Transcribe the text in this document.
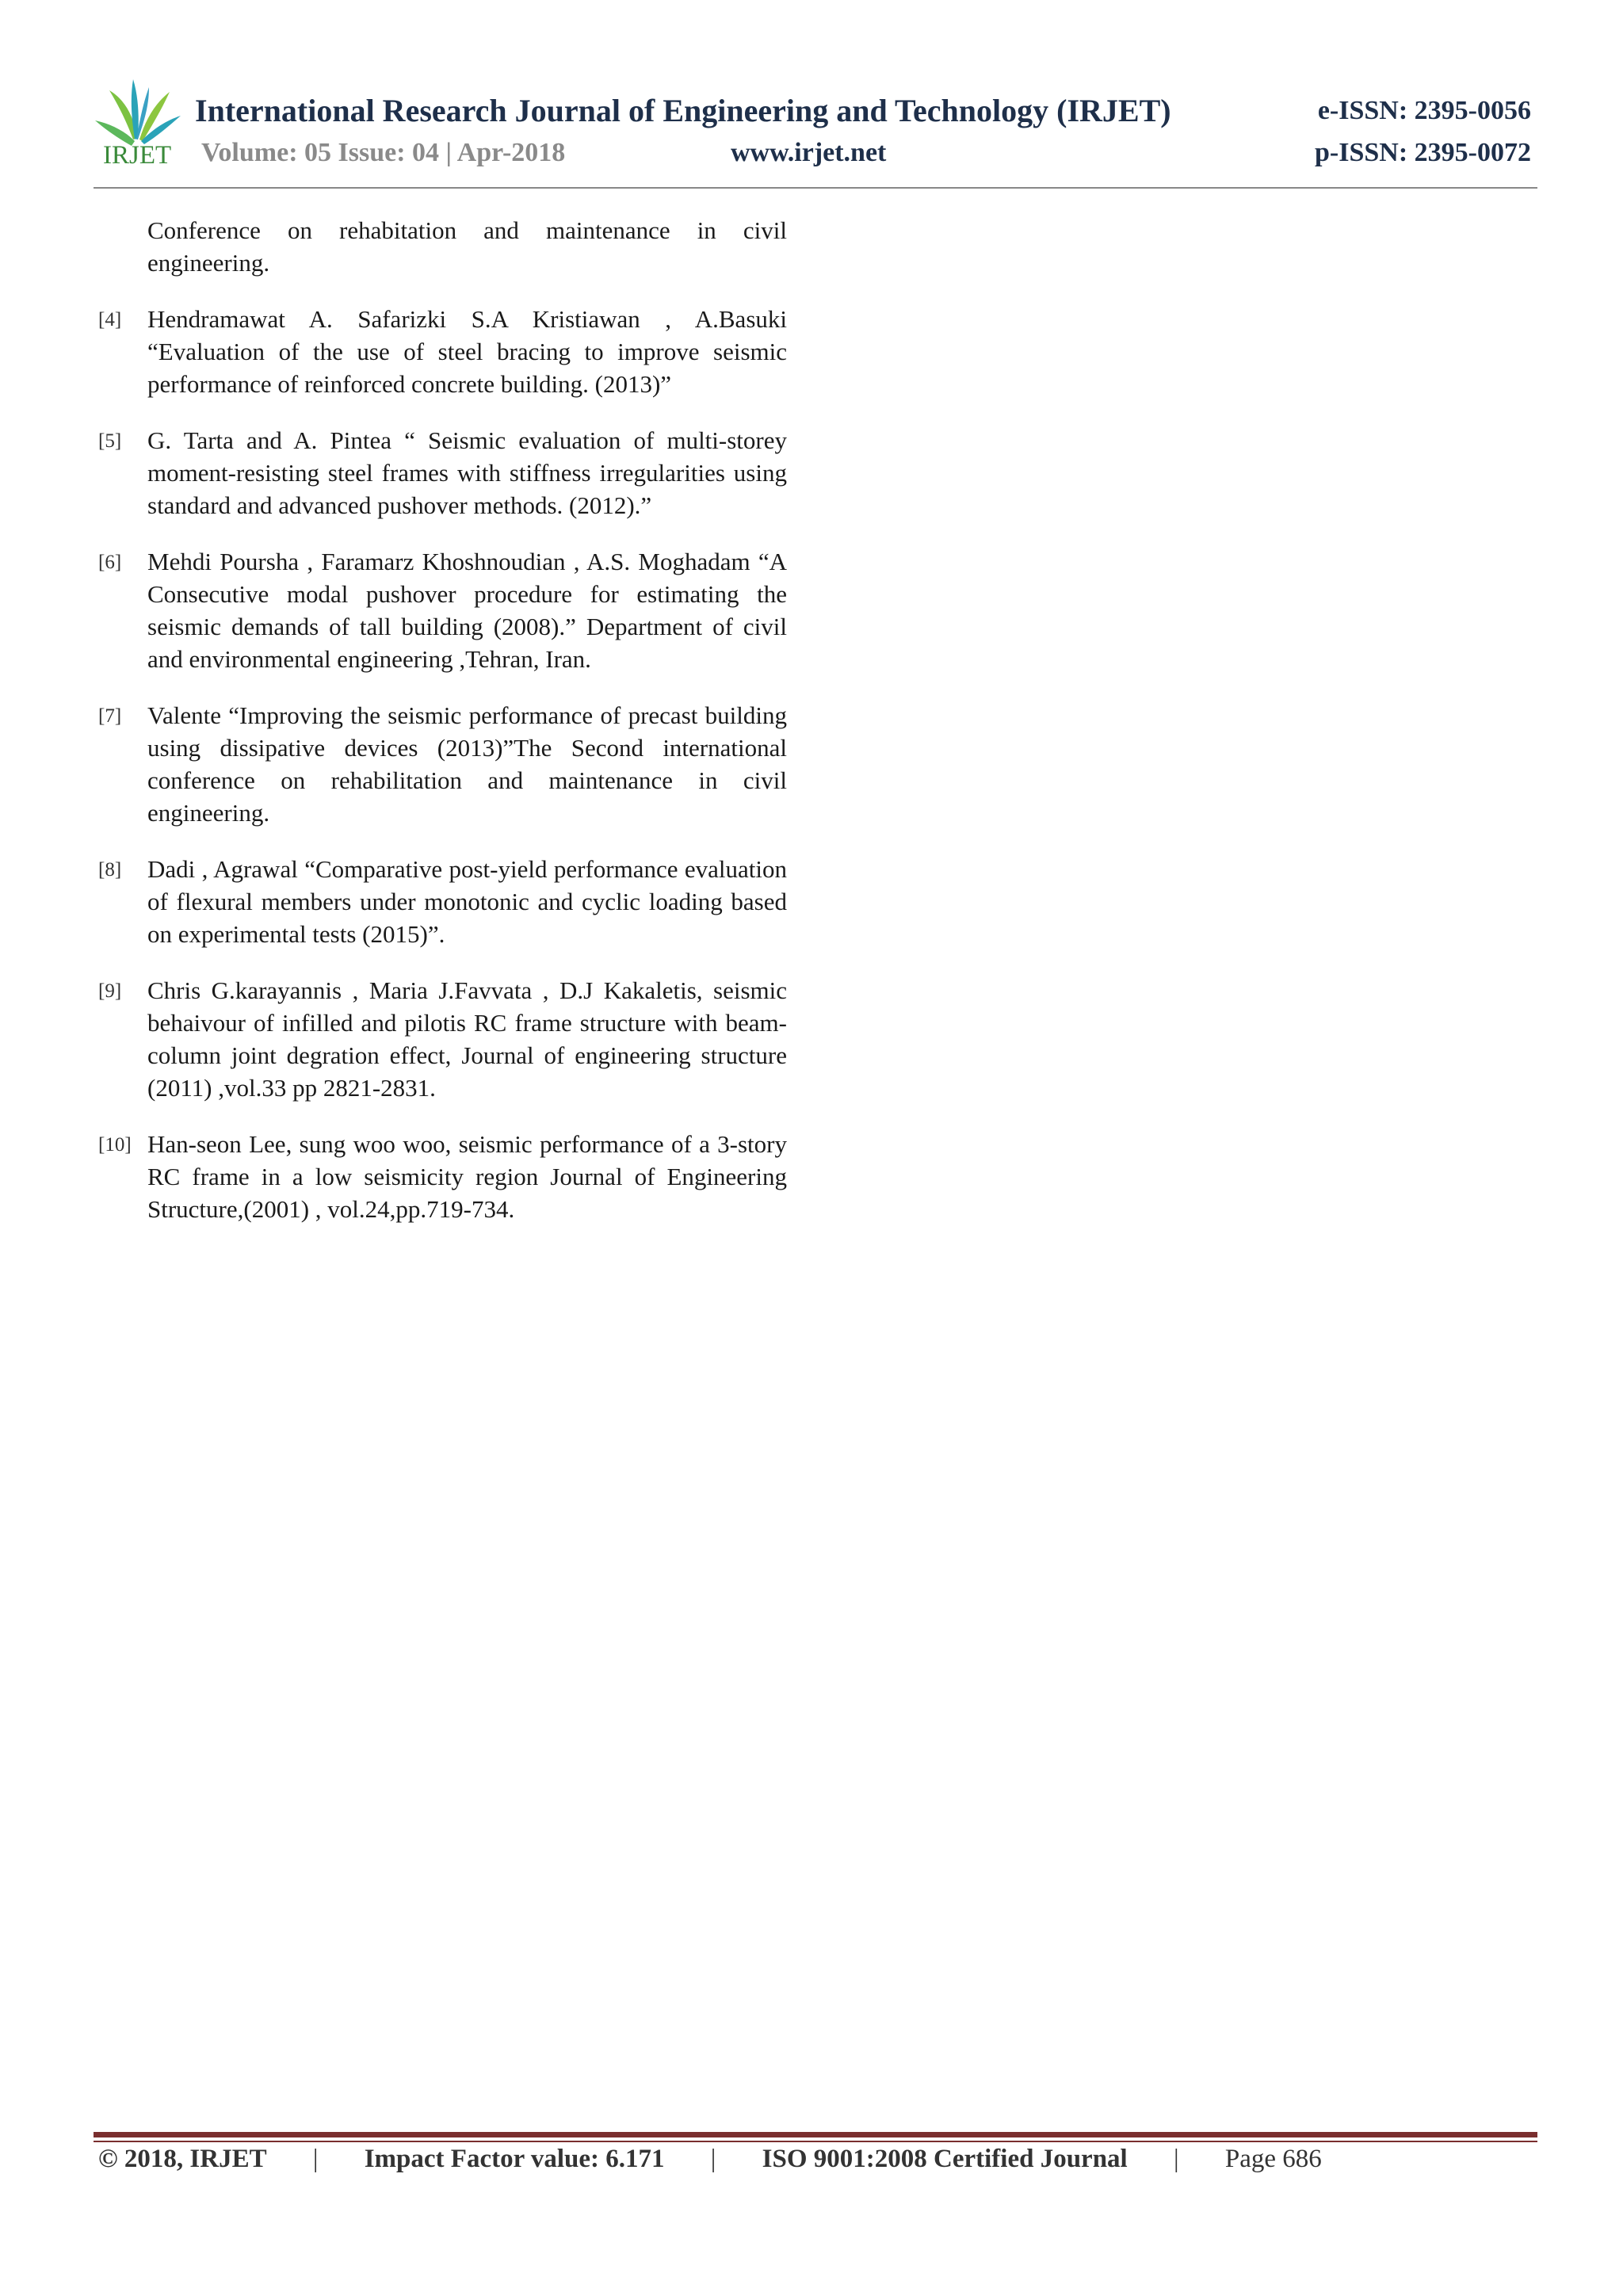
IRJET
International Research Journal of Engineering and Technology (IRJET)	e-ISSN: 2395-0056
Volume: 05 Issue: 04 | Apr-2018	www.irjet.net	p-ISSN: 2395-0072
Conference on rehabitation and maintenance in civil engineering.
[4] Hendramawat A. Safarizki S.A Kristiawan , A.Basuki “Evaluation of the use of steel bracing to improve seismic performance of reinforced concrete building. (2013)”
[5] G. Tarta and A. Pintea “ Seismic evaluation of multi-storey moment-resisting steel frames with stiffness irregularities using standard and advanced pushover methods. (2012).”
[6] Mehdi Poursha , Faramarz Khoshnoudian , A.S. Moghadam “A Consecutive modal pushover procedure for estimating the seismic demands of tall building (2008).” Department of civil and environmental engineering ,Tehran, Iran.
[7] Valente “Improving the seismic performance of precast building using dissipative devices (2013)”The Second international conference on rehabilitation and maintenance in civil engineering.
[8] Dadi , Agrawal “Comparative post-yield performance evaluation of flexural members under monotonic and cyclic loading based on experimental tests (2015)”.
[9] Chris G.karayannis , Maria J.Favvata , D.J Kakaletis, seismic behaivour of infilled and pilotis RC frame structure with beam-column joint degration effect, Journal of engineering structure (2011) ,vol.33 pp 2821-2831.
[10] Han-seon Lee, sung woo woo, seismic performance of a 3-story RC frame in a low seismicity region Journal of Engineering Structure,(2001) , vol.24,pp.719-734.
© 2018, IRJET | Impact Factor value: 6.171 | ISO 9001:2008 Certified Journal | Page 686
